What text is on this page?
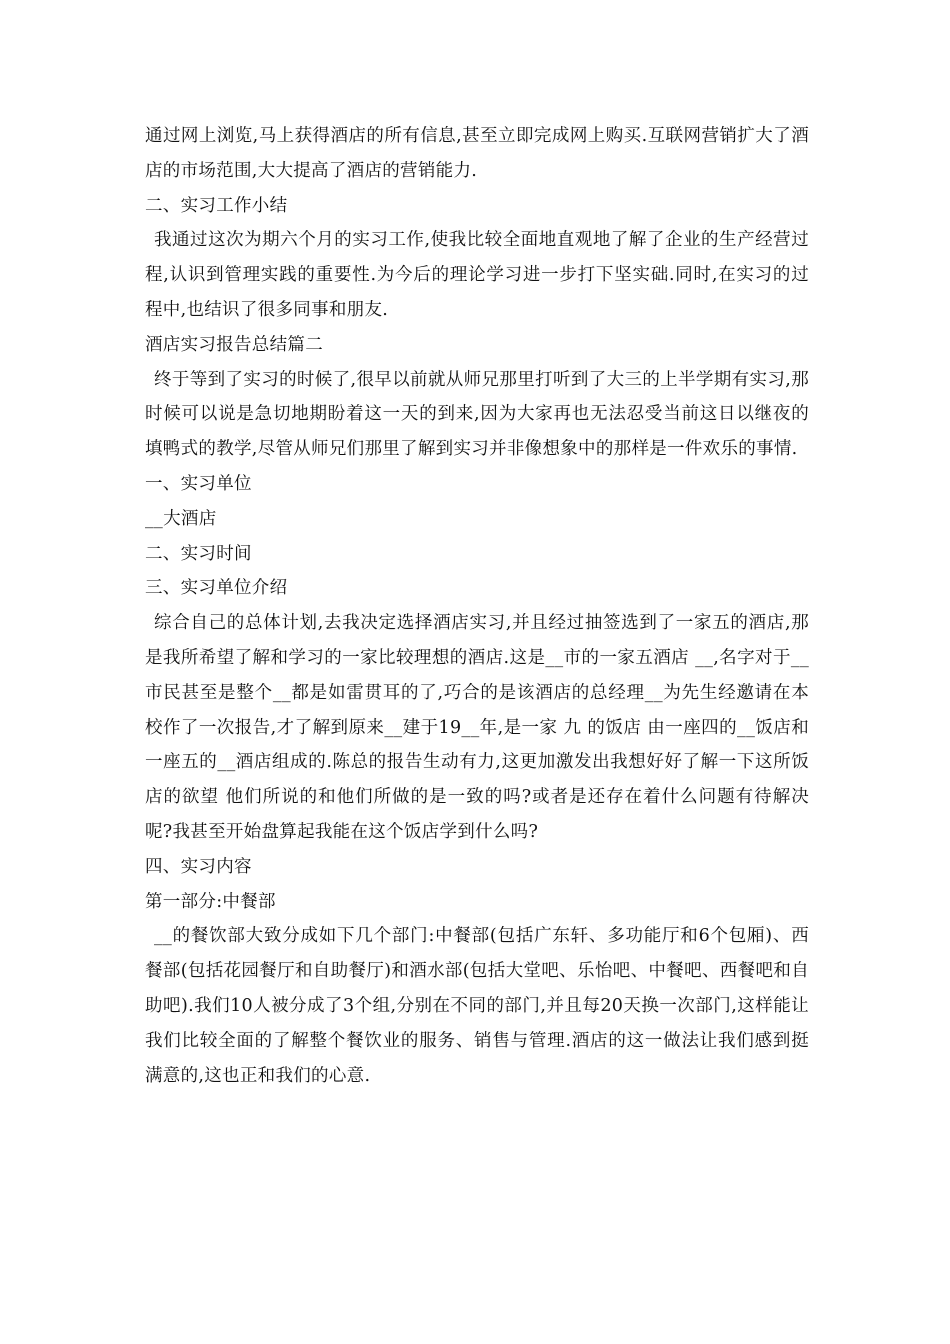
通过网上浏览,马上获得酒店的所有信息,甚至立即完成网上购买.互联网营销扩大了酒店的市场范围,大大提高了酒店的营销能力.

二、实习工作小结

我通过这次为期六个月的实习工作,使我比较全面地直观地了解了企业的生产经营过程,认识到管理实践的重要性.为今后的理论学习进一步打下坚实础.同时,在实习的过程中,也结识了很多同事和朋友.

酒店实习报告总结篇二

终于等到了实习的时候了,很早以前就从师兄那里打听到了大三的上半学期有实习,那时候可以说是急切地期盼着这一天的到来,因为大家再也无法忍受当前这日以继夜的填鸭式的教学,尽管从师兄们那里了解到实习并非像想象中的那样是一件欢乐的事情.

一、实习单位

__大酒店

二、实习时间

三、实习单位介绍

综合自己的总体计划,去我决定选择酒店实习,并且经过抽签选到了一家五的酒店,那是我所希望了解和学习的一家比较理想的酒店.这是__市的一家五酒店 __,名字对于__市民甚至是整个__都是如雷贯耳的了,巧合的是该酒店的总经理__为先生经邀请在本校作了一次报告,才了解到原来__建于19__年,是一家 九 的饭店 由一座四的__饭店和一座五的__酒店组成的.陈总的报告生动有力,这更加激发出我想好好了解一下这所饭店的欲望 他们所说的和他们所做的是一致的吗?或者是还存在着什么问题有待解决呢?我甚至开始盘算起我能在这个饭店学到什么吗?

四、实习内容

第一部分:中餐部

__的餐饮部大致分成如下几个部门:中餐部(包括广东轩、多功能厅和6个包厢)、西餐部(包括花园餐厅和自助餐厅)和酒水部(包括大堂吧、乐怡吧、中餐吧、西餐吧和自助吧).我们10人被分成了3个组,分别在不同的部门,并且每20天换一次部门,这样能让我们比较全面的了解整个餐饮业的服务、销售与管理.酒店的这一做法让我们感到挺满意的,这也正和我们的心意.
